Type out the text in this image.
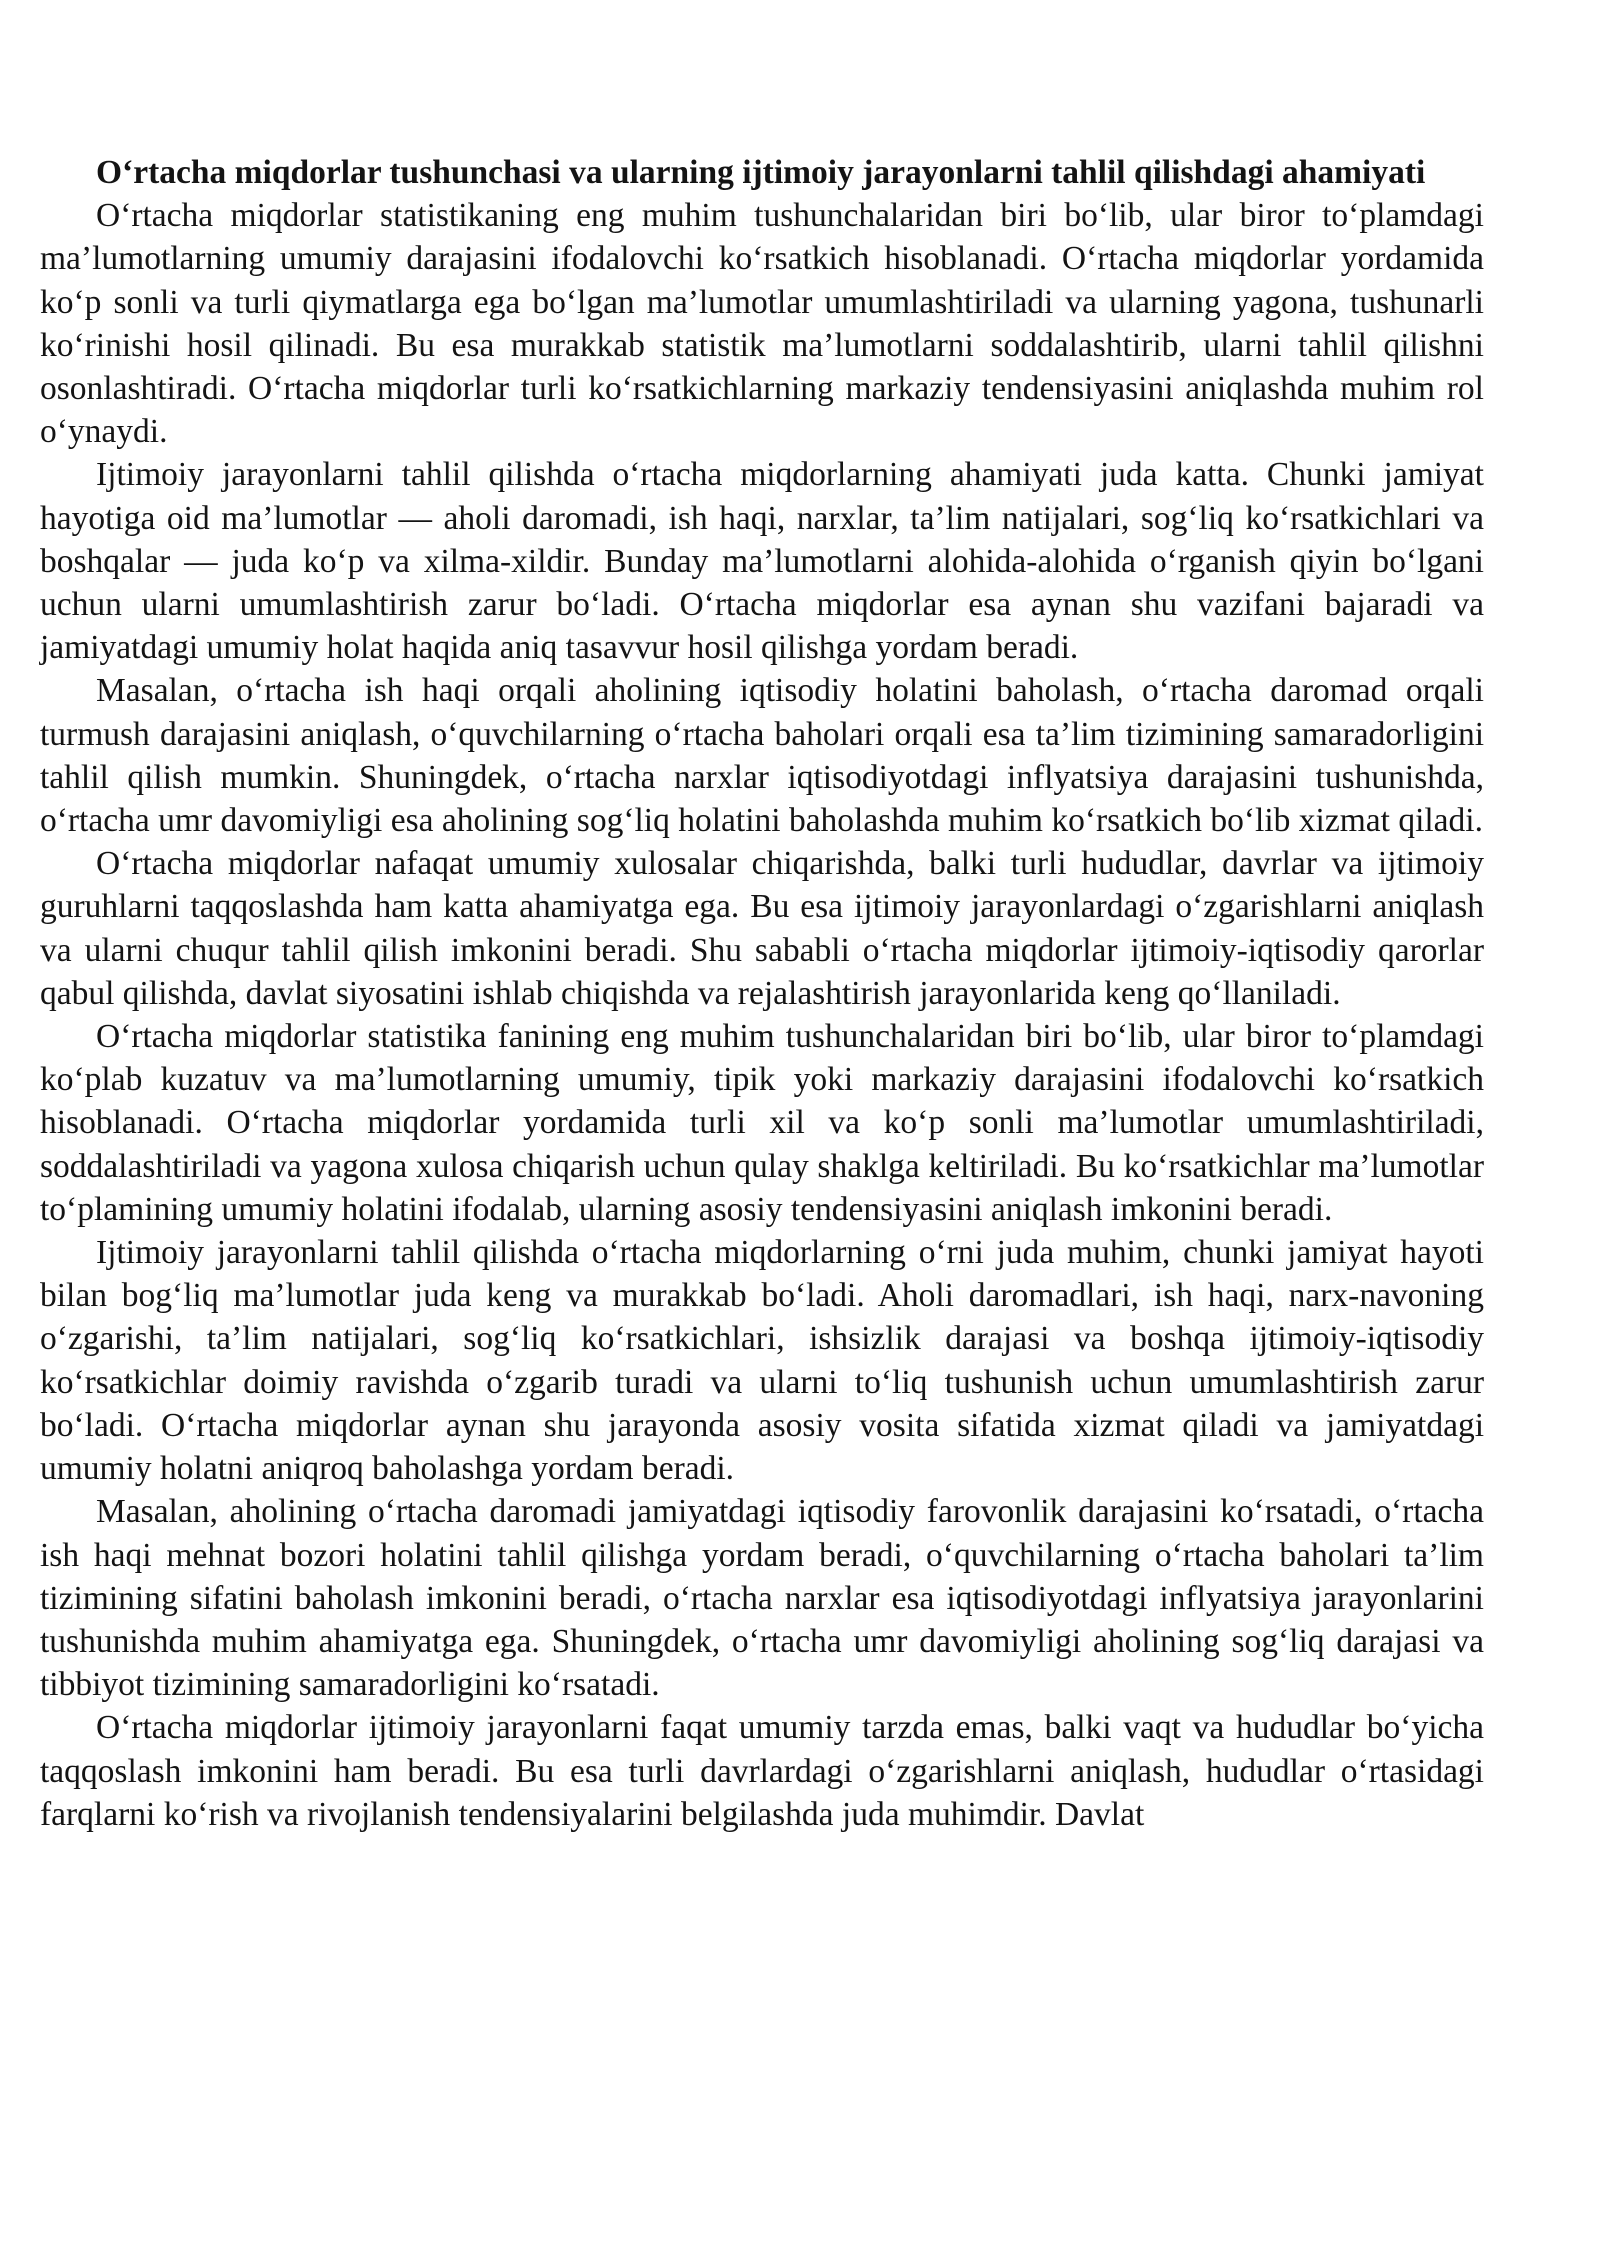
O‘rtacha miqdorlar tushunchasi va ularning ijtimoiy jarayonlarni tahlil qilishdagi ahamiyati

O‘rtacha miqdorlar statistikaning eng muhim tushunchalaridan biri bo‘lib, ular biror to‘plamdagi ma’lumotlarning umumiy darajasini ifodalovchi ko‘rsatkich hisoblanadi. O‘rtacha miqdorlar yordamida ko‘p sonli va turli qiymatlarga ega bo‘lgan ma’lumotlar umumlashtiriladi va ularning yagona, tushunarli ko‘rinishi hosil qilinadi. Bu esa murakkab statistik ma’lumotlarni soddalashtirib, ularni tahlil qilishni osonlashtiradi. O‘rtacha miqdorlar turli ko‘rsatkichlarning markaziy tendensiyasini aniqlashda muhim rol o‘ynaydi.

Ijtimoiy jarayonlarni tahlil qilishda o‘rtacha miqdorlarning ahamiyati juda katta. Chunki jamiyat hayotiga oid ma’lumotlar — aholi daromadi, ish haqi, narxlar, ta’lim natijalari, sog‘liq ko‘rsatkichlari va boshqalar — juda ko‘p va xilma-xildir. Bunday ma’lumotlarni alohida-alohida o‘rganish qiyin bo‘lgani uchun ularni umumlashtirish zarur bo‘ladi. O‘rtacha miqdorlar esa aynan shu vazifani bajaradi va jamiyatdagi umumiy holat haqida aniq tasavvur hosil qilishga yordam beradi.

Masalan, o‘rtacha ish haqi orqali aholining iqtisodiy holatini baholash, o‘rtacha daromad orqali turmush darajasini aniqlash, o‘quvchilarning o‘rtacha baholari orqali esa ta’lim tizimining samaradorligini tahlil qilish mumkin. Shuningdek, o‘rtacha narxlar iqtisodiyotdagi inflyatsiya darajasini tushunishda, o‘rtacha umr davomiyligi esa aholining sog‘liq holatini baholashda muhim ko‘rsatkich bo‘lib xizmat qiladi.

O‘rtacha miqdorlar nafaqat umumiy xulosalar chiqarishda, balki turli hududlar, davrlar va ijtimoiy guruhlarni taqqoslashda ham katta ahamiyatga ega. Bu esa ijtimoiy jarayonlardagi o‘zgarishlarni aniqlash va ularni chuqur tahlil qilish imkonini beradi. Shu sababli o‘rtacha miqdorlar ijtimoiy-iqtisodiy qarorlar qabul qilishda, davlat siyosatini ishlab chiqishda va rejalashtirish jarayonlarida keng qo‘llaniladi.

O‘rtacha miqdorlar statistika fanining eng muhim tushunchalaridan biri bo‘lib, ular biror to‘plamdagi ko‘plab kuzatuv va ma’lumotlarning umumiy, tipik yoki markaziy darajasini ifodalovchi ko‘rsatkich hisoblanadi. O‘rtacha miqdorlar yordamida turli xil va ko‘p sonli ma’lumotlar umumlashtiriladi, soddalashtiriladi va yagona xulosa chiqarish uchun qulay shaklga keltiriladi. Bu ko‘rsatkichlar ma’lumotlar to‘plamining umumiy holatini ifodalab, ularning asosiy tendensiyasini aniqlash imkonini beradi.

Ijtimoiy jarayonlarni tahlil qilishda o‘rtacha miqdorlarning o‘rni juda muhim, chunki jamiyat hayoti bilan bog‘liq ma’lumotlar juda keng va murakkab bo‘ladi. Aholi daromadlari, ish haqi, narx-navoning o‘zgarishi, ta’lim natijalari, sog‘liq ko‘rsatkichlari, ishsizlik darajasi va boshqa ijtimoiy-iqtisodiy ko‘rsatkichlar doimiy ravishda o‘zgarib turadi va ularni to‘liq tushunish uchun umumlashtirish zarur bo‘ladi. O‘rtacha miqdorlar aynan shu jarayonda asosiy vosita sifatida xizmat qiladi va jamiyatdagi umumiy holatni aniqroq baholashga yordam beradi.

Masalan, aholining o‘rtacha daromadi jamiyatdagi iqtisodiy farovonlik darajasini ko‘rsatadi, o‘rtacha ish haqi mehnat bozori holatini tahlil qilishga yordam beradi, o‘quvchilarning o‘rtacha baholari ta’lim tizimining sifatini baholash imkonini beradi, o‘rtacha narxlar esa iqtisodiyotdagi inflyatsiya jarayonlarini tushunishda muhim ahamiyatga ega. Shuningdek, o‘rtacha umr davomiyligi aholining sog‘liq darajasi va tibbiyot tizimining samaradorligini ko‘rsatadi.

O‘rtacha miqdorlar ijtimoiy jarayonlarni faqat umumiy tarzda emas, balki vaqt va hududlar bo‘yicha taqqoslash imkonini ham beradi. Bu esa turli davrlardagi o‘zgarishlarni aniqlash, hududlar o‘rtasidagi farqlarni ko‘rish va rivojlanish tendensiyalarini belgilashda juda muhimdir. Davlat
